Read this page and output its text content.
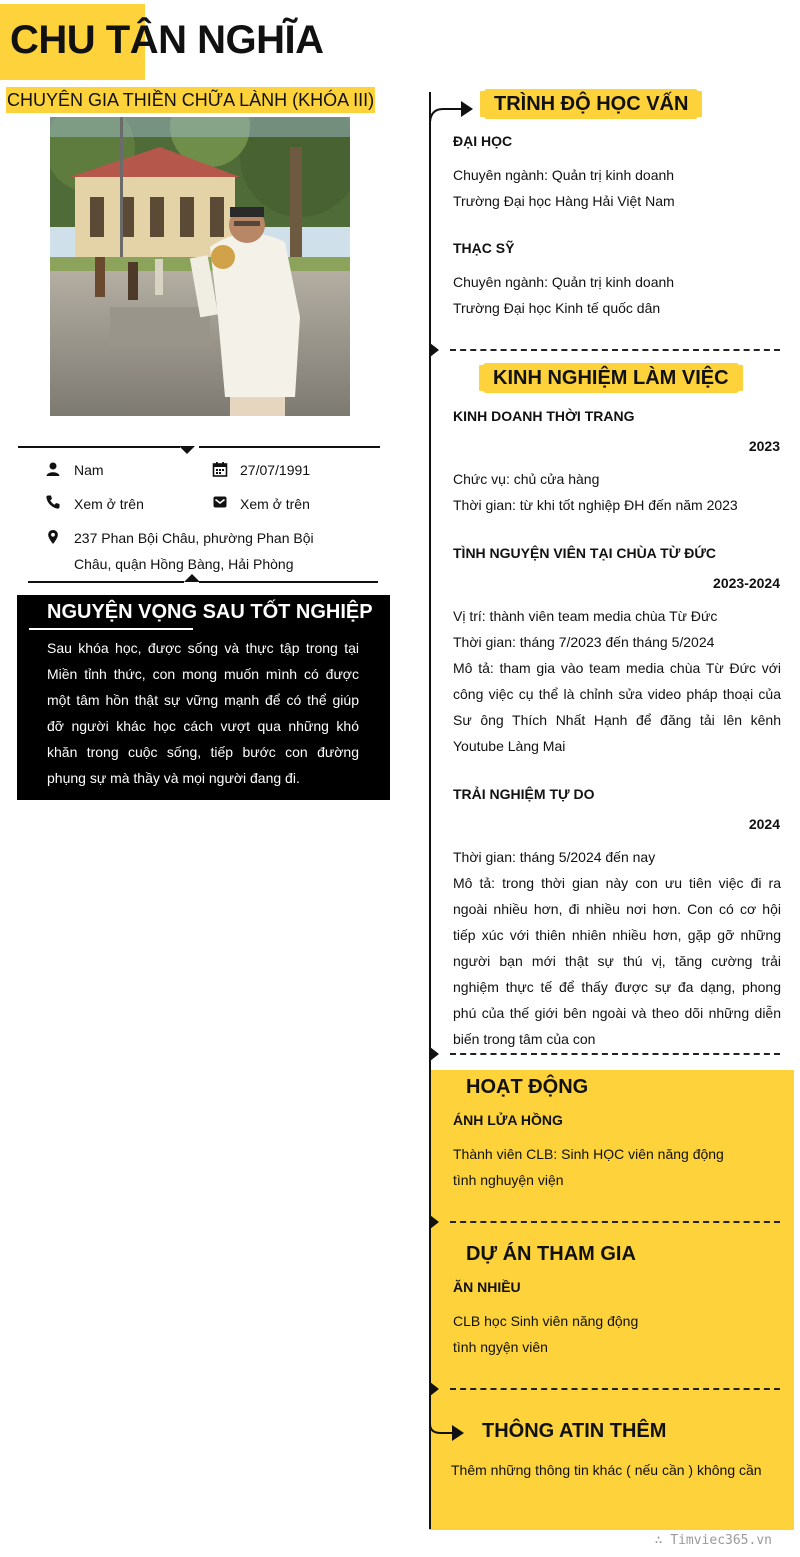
CHU TÂN NGHĨA
CHUYÊN GIA THIỀN CHỮA LÀNH (KHÓA III)
Nam	27/07/1991
Xem ở trên	Xem ở trên
237 Phan Bội Châu, phường Phan Bội
Châu, quận Hồng Bàng, Hải Phòng
NGUYỆN VỌNG SAU TỐT NGHIỆP
Sau khóa học, được sống và thực tập trong tại Miền tỉnh thức, con mong muốn mình có được một tâm hồn thật sự vững mạnh để có thể giúp đỡ người khác học cách vượt qua những khó khăn trong cuộc sống, tiếp bước con đường phụng sự mà thầy và mọi người đang đi.
TRÌNH ĐỘ HỌC VẤN
ĐẠI HỌC
Chuyên ngành: Quản trị kinh doanh
Trường Đại học Hàng Hải Việt Nam
THẠC SỸ
Chuyên ngành: Quản trị kinh doanh
Trường Đại học Kinh tế quốc dân
KINH NGHIỆM LÀM VIỆC
KINH DOANH THỜI TRANG
2023
Chức vụ: chủ cửa hàng
Thời gian: từ khi tốt nghiệp ĐH đến năm 2023
TÌNH NGUYỆN VIÊN TẠI CHÙA TỪ ĐỨC
2023-2024
Vị trí: thành viên team media chùa Từ Đức
Thời gian: tháng 7/2023 đến tháng 5/2024
Mô tả: tham gia vào team media chùa Từ Đức với công việc cụ thể là chỉnh sửa video pháp thoại của Sư ông Thích Nhất Hạnh để đăng tải lên kênh Youtube Làng Mai
TRẢI NGHIỆM TỰ DO
2024
Thời gian: tháng 5/2024 đến nay
Mô tả: trong thời gian này con ưu tiên việc đi ra ngoài nhiều hơn, đi nhiều nơi hơn. Con có cơ hội tiếp xúc với thiên nhiên nhiều hơn, gặp gỡ những người bạn mới thật sự thú vị, tăng cường trải nghiệm thực tế để thấy được sự đa dạng, phong phú của thế giới bên ngoài và theo dõi những diễn biến trong tâm của con
HOẠT ĐỘNG
ÁNH LỬA HỒNG
Thành viên CLB: Sinh HỌC viên năng động
tình nghuyện viện
DỰ ÁN THAM GIA
ĂN NHIỀU
CLB học Sinh viên năng động
tình ngyện viên
THÔNG ATIN THÊM
Thêm những thông tin khác ( nếu cần ) không cần
∴ Timviec365.vn
